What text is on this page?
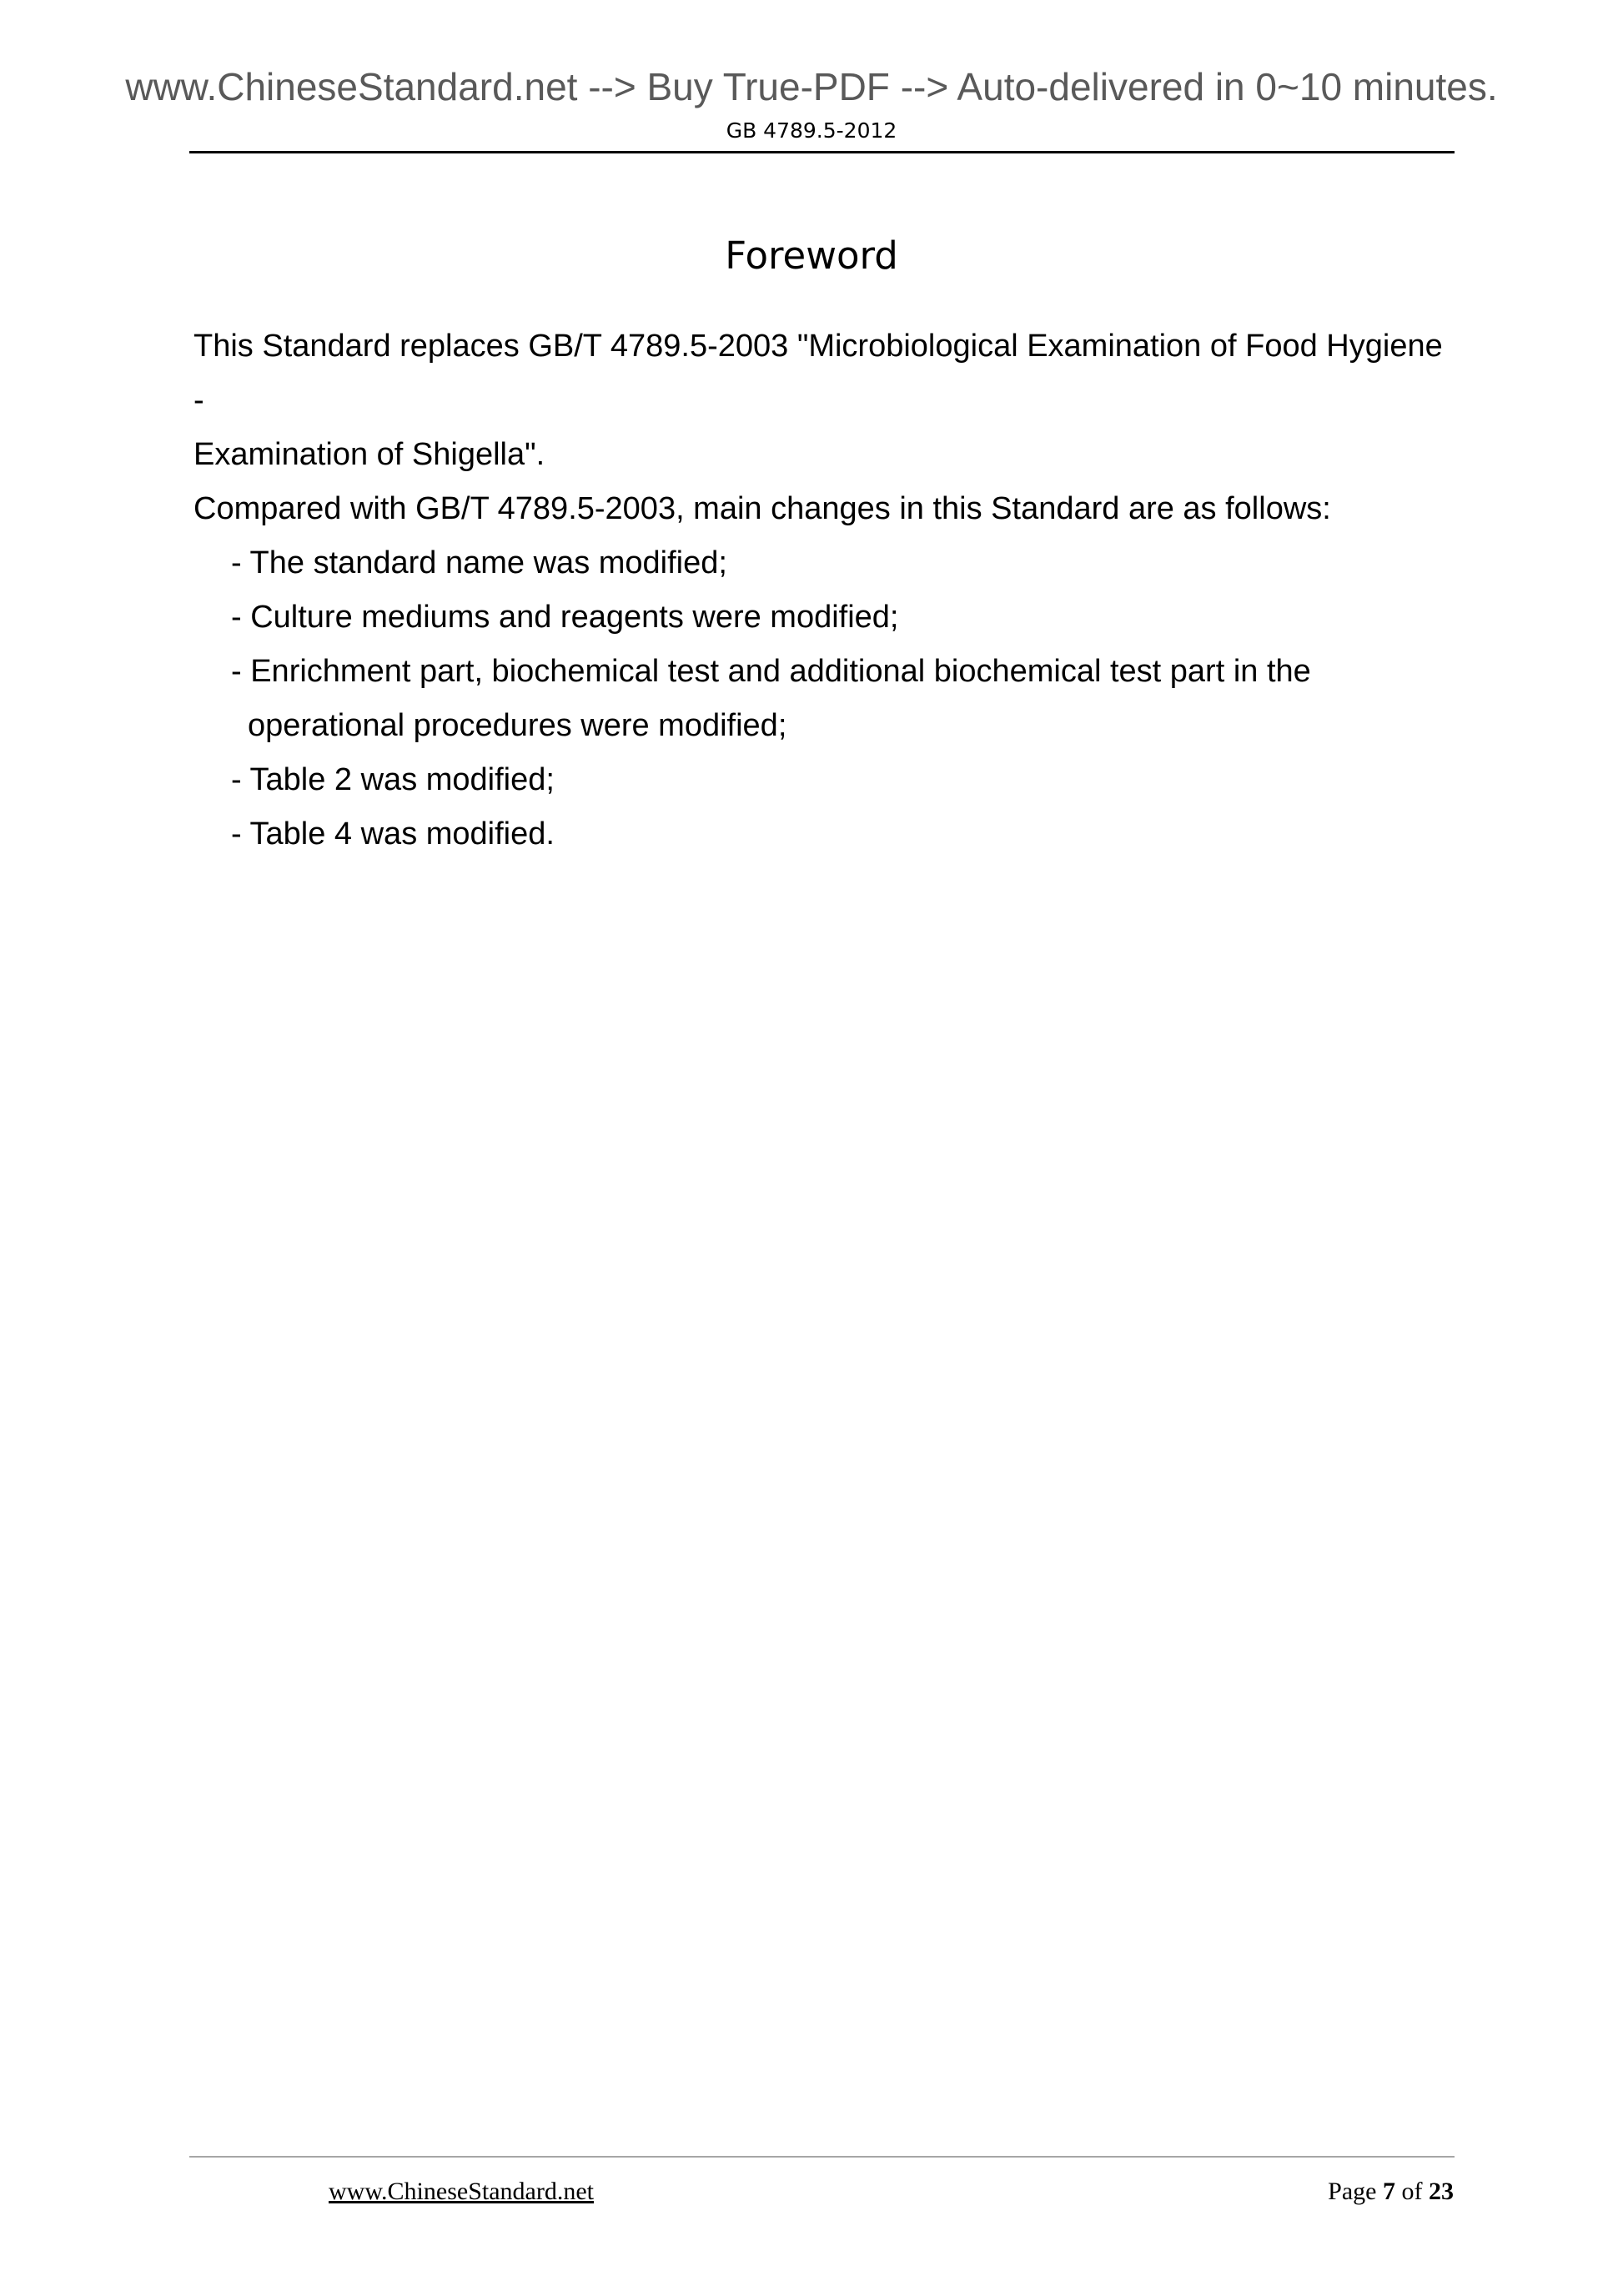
www.ChineseStandard.net --> Buy True-PDF --> Auto-delivered in 0~10 minutes.
GB 4789.5-2012
Foreword

This Standard replaces GB/T 4789.5-2003 "Microbiological Examination of Food Hygiene -

Examination of Shigella".

Compared with GB/T 4789.5-2003, main changes in this Standard are as follows:

- The standard name was modified;
- Culture mediums and reagents were modified;
- Enrichment part, biochemical test and additional biochemical test part in the
operational procedures were modified;
- Table 2 was modified;
- Table 4 was modified.
www.ChineseStandard.net	Page 7 of 23
